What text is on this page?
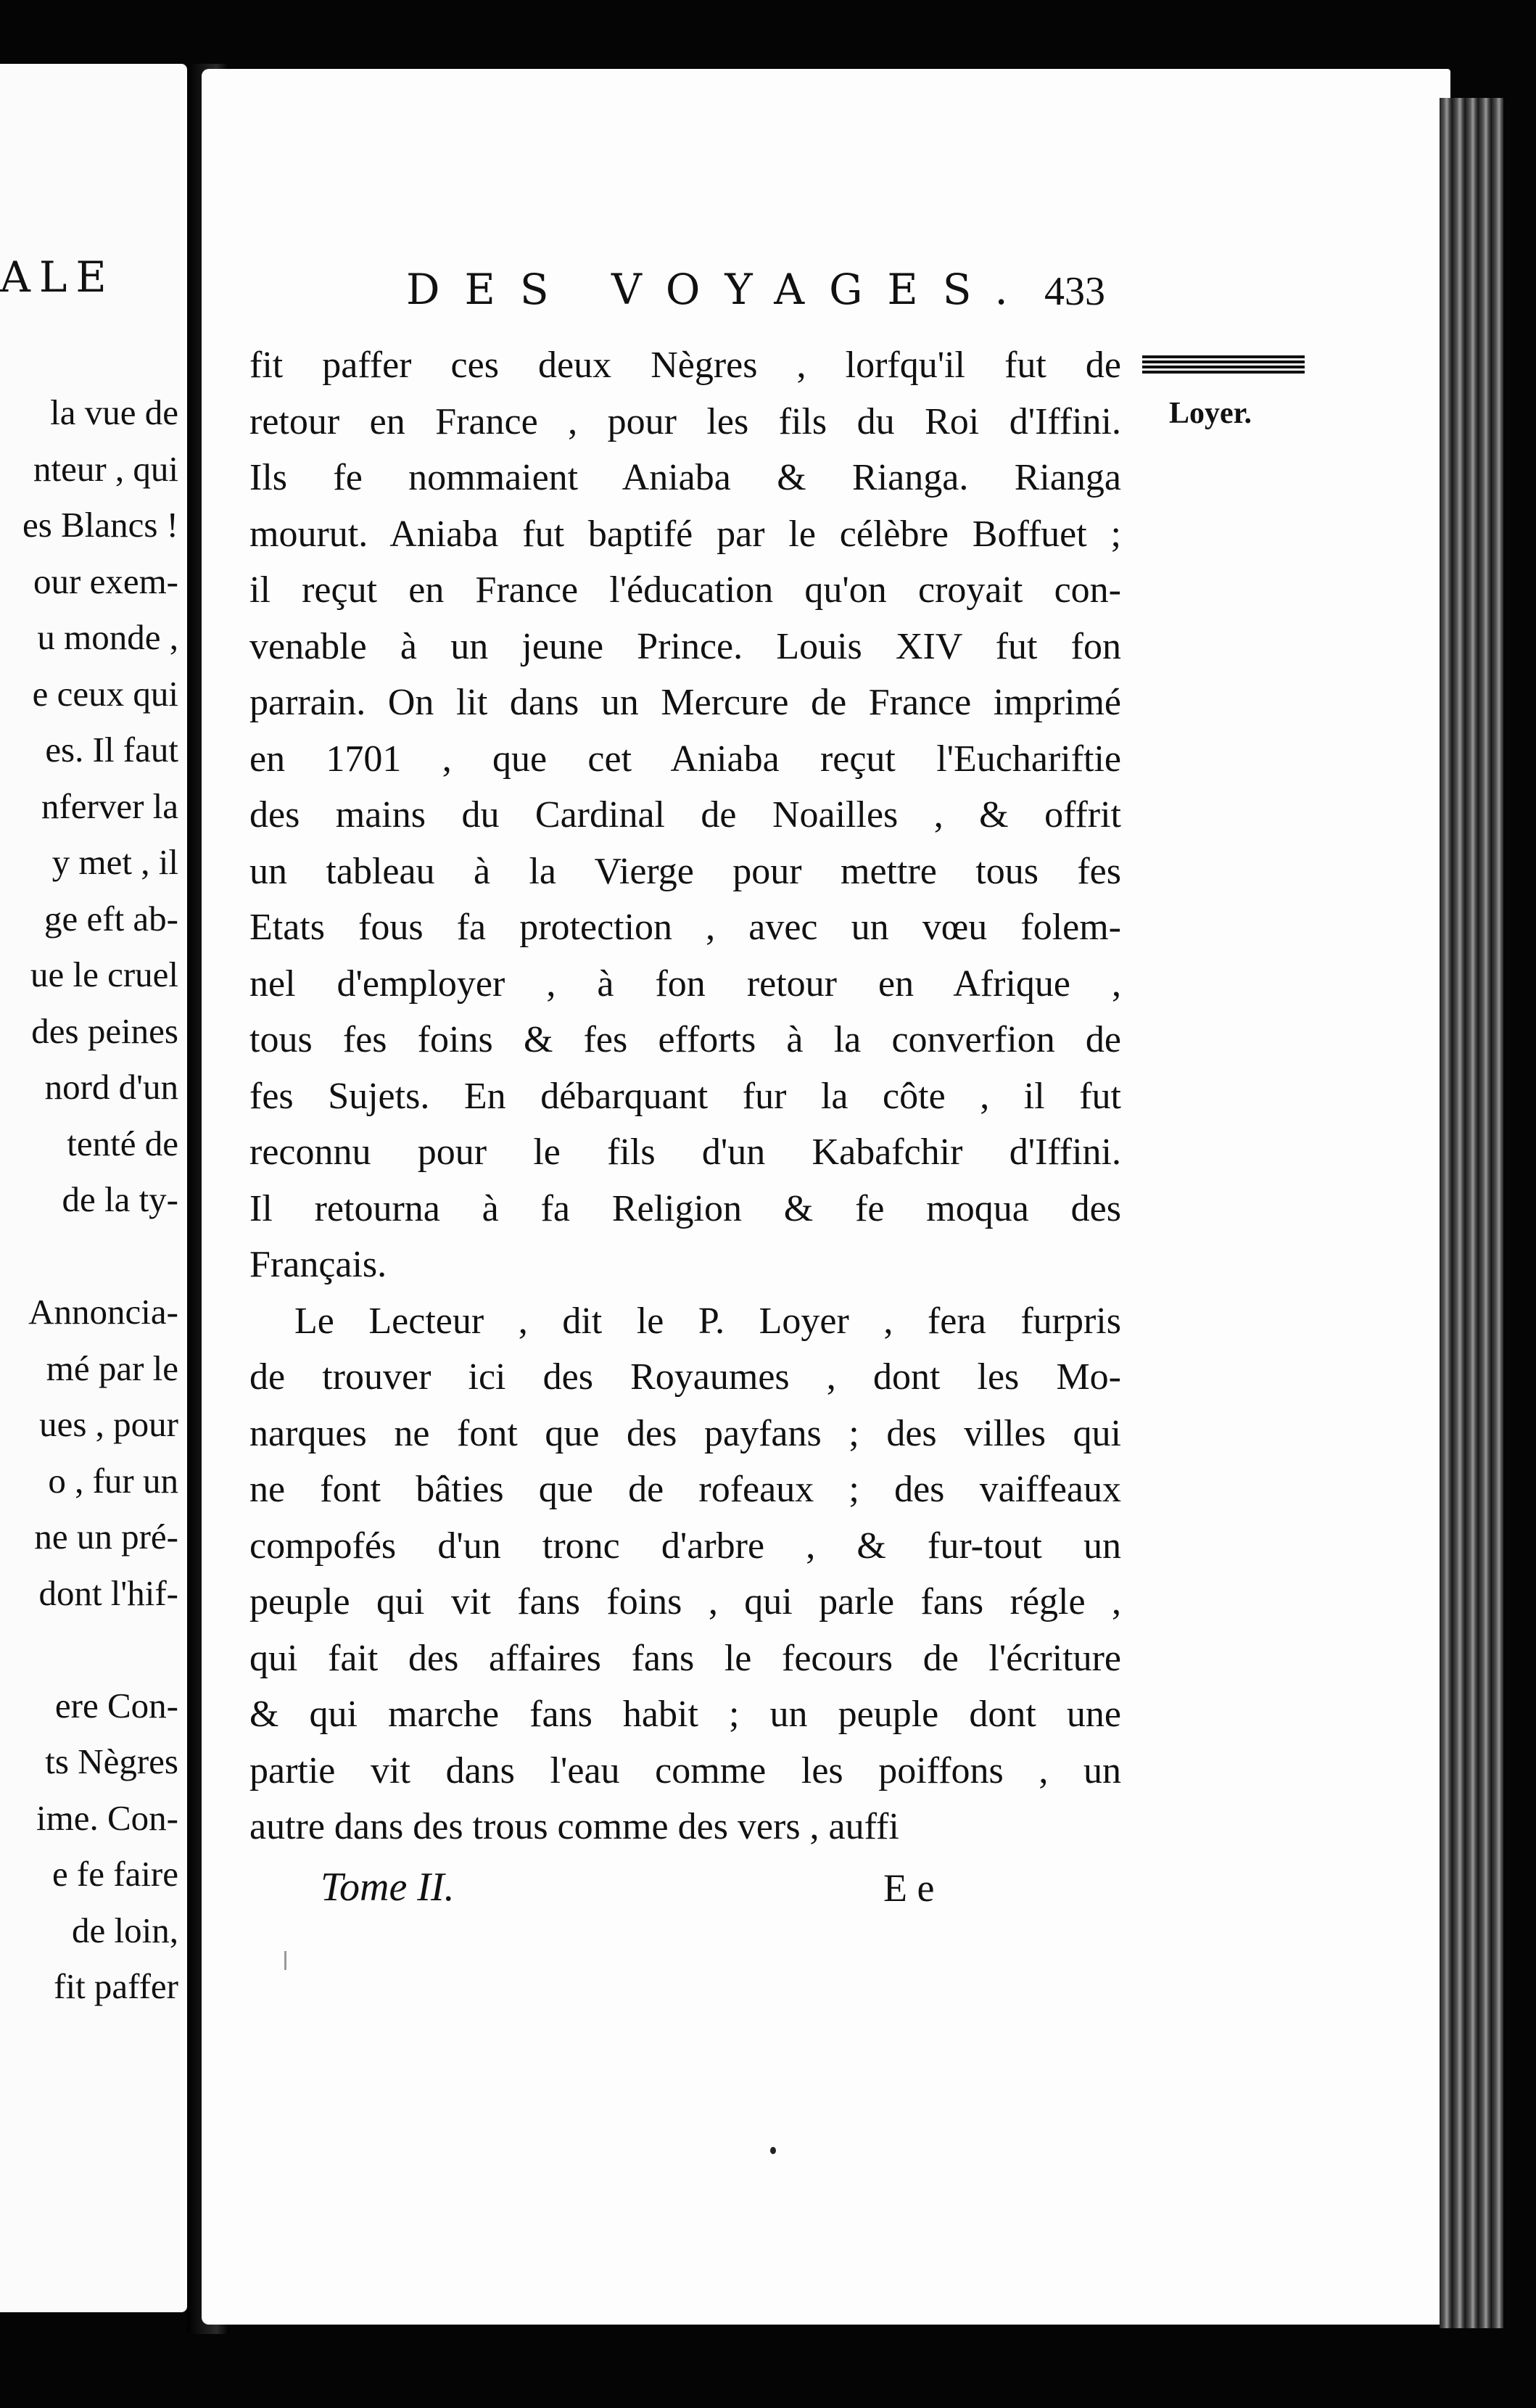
ALE
la vue de
nteur , qui
es Blancs !
our exem-
u monde ,
e ceux qui
es. Il faut
nferver la
y met , il
ge eft ab-
ue le cruel
des peines
nord d'un
tenté de
de la ty-
Annoncia-
mé par le
ues , pour
o , fur un
ne un pré-
dont l'hif-
ere Con-
ts Nègres
ime. Con-
e fe faire
de loin,
fit paffer
DES VOYAGES. 433
Loyer.
fit paffer ces deux Nègres , lorfqu'il fut de
retour en France , pour les fils du Roi d'Iffini.
Ils fe nommaient Aniaba & Rianga. Rianga
mourut. Aniaba fut baptifé par le célèbre Boffuet ;
il reçut en France l'éducation qu'on croyait con-
venable à un jeune Prince. Louis XIV fut fon
parrain. On lit dans un Mercure de France imprimé
en 1701 , que cet Aniaba reçut l'Euchariftie
des mains du Cardinal de Noailles , & offrit
un tableau à la Vierge pour mettre tous fes
Etats fous fa protection , avec un vœu folem-
nel d'employer , à fon retour en Afrique ,
tous fes foins & fes efforts à la converfion de
fes Sujets. En débarquant fur la côte , il fut
reconnu pour le fils d'un Kabafchir d'Iffini.
Il retourna à fa Religion & fe moqua des
Français.
Le Lecteur , dit le P. Loyer , fera furpris
de trouver ici des Royaumes , dont les Mo-
narques ne font que des payfans ; des villes qui
ne font bâties que de rofeaux ; des vaiffeaux
compofés d'un tronc d'arbre , & fur-tout un
peuple qui vit fans foins , qui parle fans régle ,
qui fait des affaires fans le fecours de l'écriture
& qui marche fans habit ; un peuple dont une
partie vit dans l'eau comme les poiffons , un
autre dans des trous comme des vers , auffi
Tome II.	E e
